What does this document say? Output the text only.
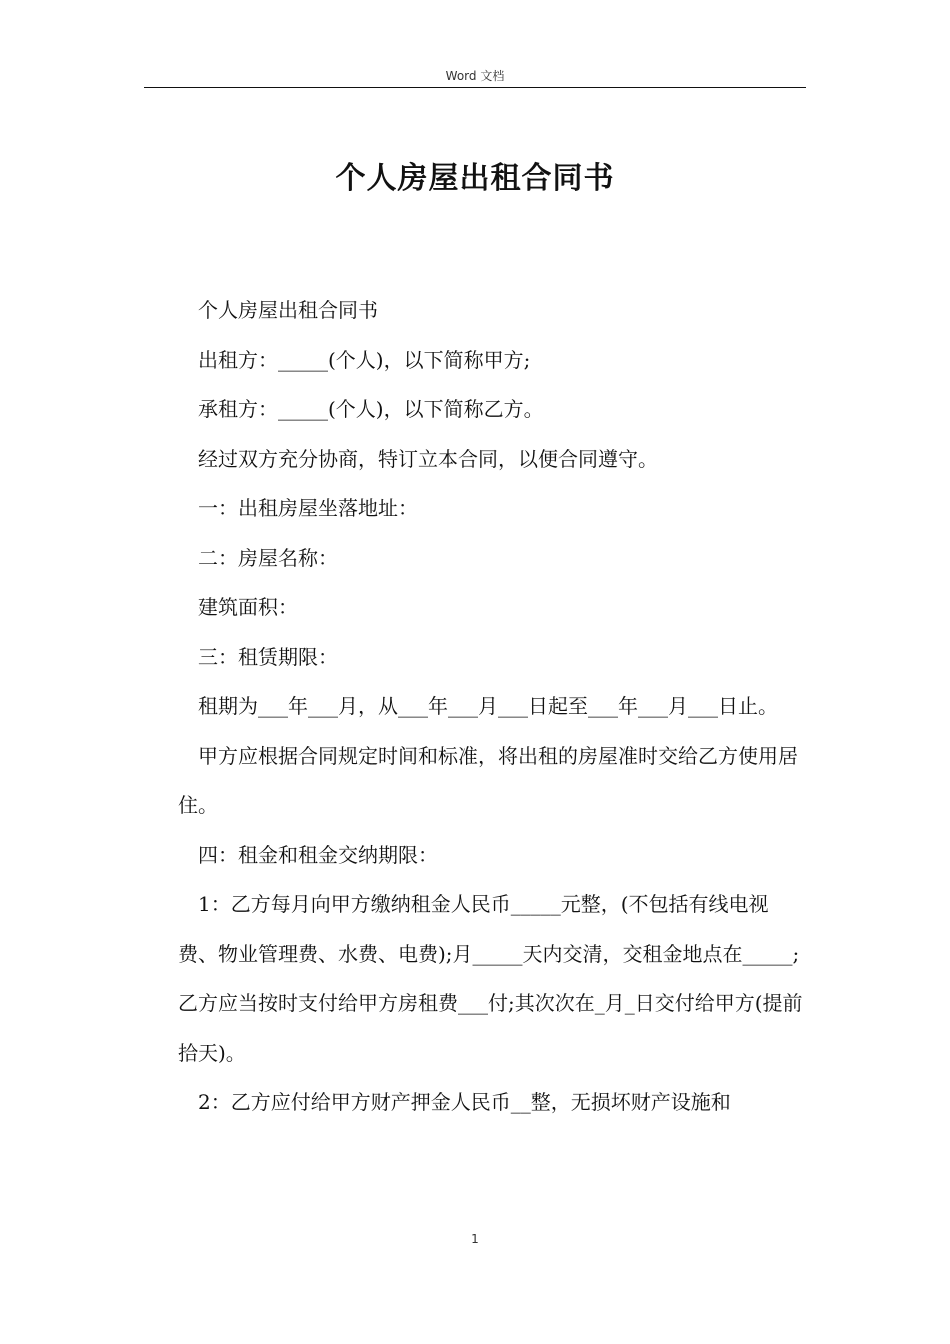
Word 文档
个人房屋出租合同书

个人房屋出租合同书

出租方：_____(个人)，以下简称甲方;

承租方：_____(个人)，以下简称乙方。

经过双方充分协商，特订立本合同，以便合同遵守。

一：出租房屋坐落地址：

二：房屋名称：

建筑面积：

三：租赁期限：

租期为___年___月，从___年___月___日起至___年___月___日止。

甲方应根据合同规定时间和标准，将出租的房屋准时交给乙方使用居住。

四：租金和租金交纳期限：

1：乙方每月向甲方缴纳租金人民币_____元整，(不包括有线电视费、物业管理费、水费、电费);月_____天内交清，交租金地点在_____;乙方应当按时支付给甲方房租费___付;其次次在_月_日交付给甲方(提前拾天)。

2：乙方应付给甲方财产押金人民币__整，无损坏财产设施和

1
